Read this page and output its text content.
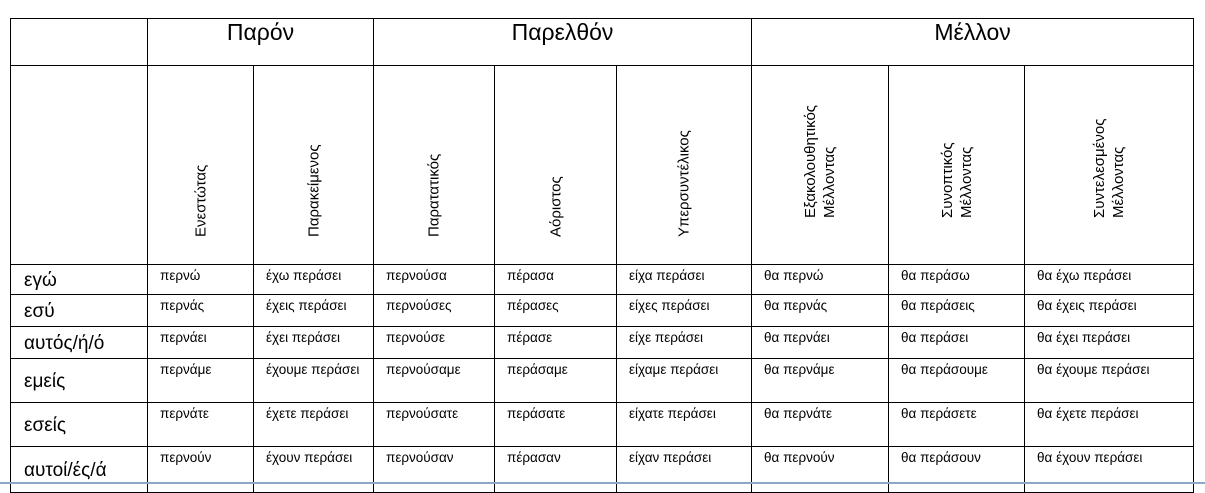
	Παρόν		Παρελθόν			Μέλλον		

	Ενεστώτας	Παρακείμενος	Παρατατικός	Αόριστος	Υπερσυντέλικος	Εξακολουθητικός Μέλλοντας	Συνοπτικός Μέλλοντας	Συντελεσμένος Μέλλοντας

εγώ	περνώ	έχω περάσει	περνούσα	πέρασα	είχα περάσει	θα περνώ	θα περάσω	θα έχω περάσει
εσύ	περνάς	έχεις περάσει	περνούσες	πέρασες	είχες περάσει	θα περνάς	θα περάσεις	θα έχεις περάσει
αυτός/ή/ό	περνάει	έχει περάσει	περνούσε	πέρασε	είχε περάσει	θα περνάει	θα περάσει	θα έχει περάσει
εμείς	περνάμε	έχουμε περάσει	περνούσαμε	περάσαμε	είχαμε περάσει	θα περνάμε	θα περάσουμε	θα έχουμε περάσει
εσείς	περνάτε	έχετε περάσει	περνούσατε	περάσατε	είχατε περάσει	θα περνάτε	θα περάσετε	θα έχετε περάσει
αυτοί/ές/ά	περνούν	έχουν περάσει	περνούσαν	πέρασαν	είχαν περάσει	θα περνούν	θα περάσουν	θα έχουν περάσει
